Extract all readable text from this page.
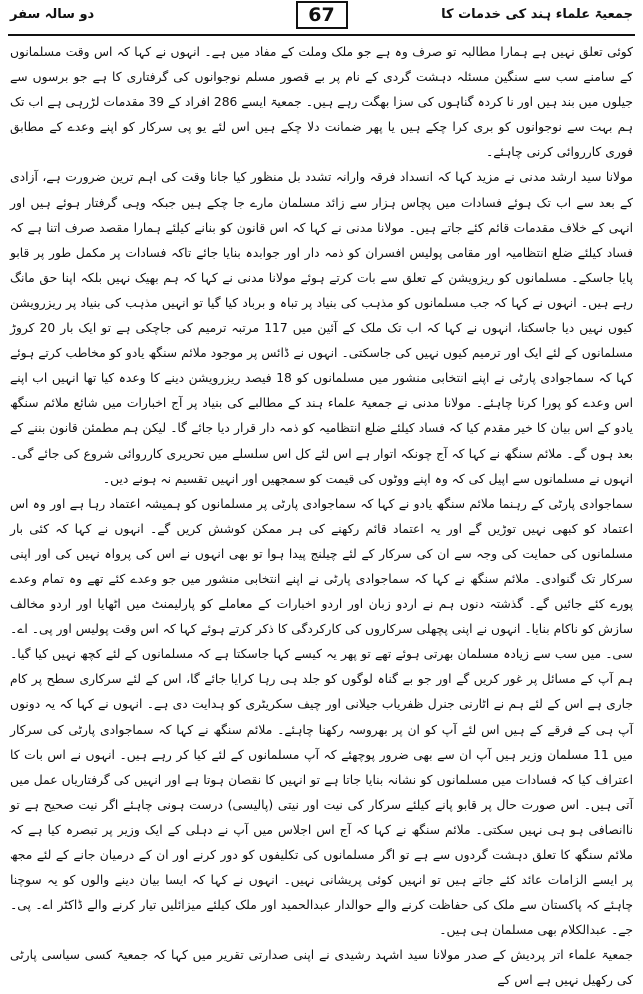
جمعیۃ علماء ہند کی خدمات کا
67
دو سالہ سفر

کوئی تعلق نہیں ہے ہمارا مطالبہ تو صرف وہ ہے جو ملک وملت کے مفاد میں ہے۔ انہوں نے کہا کہ اس وقت مسلمانوں کے سامنے سب سے سنگین مسئلہ دہشت گردی کے نام پر بے قصور مسلم نوجوانوں کی گرفتاری کا ہے جو برسوں سے جیلوں میں بند ہیں اور نا کردہ گناہوں کی سزا بھگت رہے ہیں۔ جمعیۃ ایسے 286 افراد کے 39 مقدمات لڑرہی ہے اب تک ہم بہت سے نوجوانوں کو بری کرا چکے ہیں یا پھر ضمانت دلا چکے ہیں اس لئے یو پی سرکار کو اپنے وعدے کے مطابق فوری کارروائی کرنی چاہئے۔

مولانا سید ارشد مدنی نے مزید کہا کہ انسداد فرقہ وارانہ تشدد بل منظور کیا جانا وقت کی اہم ترین ضرورت ہے، آزادی کے بعد سے اب تک ہوئے فسادات میں پچاس ہزار سے زائد مسلمان مارے جا چکے ہیں جبکہ وہی گرفتار ہوئے ہیں اور انہی کے خلاف مقدمات قائم کئے جاتے ہیں۔ مولانا مدنی نے کہا کہ اس قانون کو بنانے کیلئے ہمارا مقصد صرف اتنا ہے کہ فساد کیلئے ضلع انتظامیہ اور مقامی پولیس افسران کو ذمہ دار اور جوابدہ بنایا جائے تاکہ فسادات پر مکمل طور پر قابو پایا جاسکے۔ مسلمانوں کو ریزویشن کے تعلق سے بات کرتے ہوئے مولانا مدنی نے کہا کہ ہم بھیک نہیں بلکہ اپنا حق مانگ رہے ہیں۔ انہوں نے کہا کہ جب مسلمانوں کو مذہب کی بنیاد پر تباہ و برباد کیا گیا تو انہیں مذہب کی بنیاد پر ریزرویشن کیوں نہیں دیا جاسکتا، انہوں نے کہا کہ اب تک ملک کے آئین میں 117 مرتبہ ترمیم کی جاچکی ہے تو ایک بار 20 کروڑ مسلمانوں کے لئے ایک اور ترمیم کیوں نہیں کی جاسکتی۔ انہوں نے ڈائس پر موجود ملائم سنگھ یادو کو مخاطب کرتے ہوئے کہا کہ سماجوادی پارٹی نے اپنے انتخابی منشور میں مسلمانوں کو 18 فیصد ریزرویشن دینے کا وعدہ کیا تھا انہیں اب اپنے اس وعدے کو پورا کرنا چاہئے۔ مولانا مدنی نے جمعیۃ علماء ہند کے مطالبے کی بنیاد پر آج اخبارات میں شائع ملائم سنگھ یادو کے اس بیان کا خیر مقدم کیا کہ فساد کیلئے ضلع انتظامیہ کو ذمہ دار قرار دیا جائے گا۔ لیکن ہم مطمئن قانون بننے کے بعد ہوں گے۔ ملائم سنگھ نے کہا کہ آج چونکہ اتوار ہے اس لئے کل اس سلسلے میں تحریری کارروائی شروع کی جائے گی۔ انہوں نے مسلمانوں سے اپیل کی کہ وہ اپنے ووٹوں کی قیمت کو سمجھیں اور انہیں تقسیم نہ ہونے دیں۔

سماجوادی پارٹی کے رہنما ملائم سنگھ یادو نے کہا کہ سماجوادی پارٹی پر مسلمانوں کو ہمیشہ اعتماد رہا ہے اور وہ اس اعتماد کو کبھی نہیں توڑیں گے اور یہ اعتماد قائم رکھنے کی ہر ممکن کوشش کریں گے۔ انہوں نے کہا کہ کئی بار مسلمانوں کی حمایت کی وجہ سے ان کی سرکار کے لئے چیلنج پیدا ہوا تو بھی انہوں نے اس کی پرواہ نہیں کی اور اپنی سرکار تک گنوادی۔ ملائم سنگھ نے کہا کہ سماجوادی پارٹی نے اپنے انتخابی منشور میں جو وعدے کئے تھے وہ تمام وعدے پورے کئے جائیں گے۔ گذشتہ دنوں ہم نے اردو زبان اور اردو اخبارات کے معاملے کو پارلیمنٹ میں اٹھایا اور اردو مخالف سازش کو ناکام بنایا۔ انہوں نے اپنی پچھلی سرکاروں کی کارکردگی کا ذکر کرتے ہوئے کہا کہ اس وقت پولیس اور پی۔ اے۔ سی۔ میں سب سے زیادہ مسلمان بھرتی ہوئے تھے تو پھر یہ کیسے کہا جاسکتا ہے کہ مسلمانوں کے لئے کچھ نہیں کیا گیا۔ ہم آپ کے مسائل پر غور کریں گے اور جو بے گناہ لوگوں کو جلد ہی رہا کرایا جائے گا، اس کے لئے سرکاری سطح پر کام جاری ہے اس کے لئے ہم نے اٹارنی جنرل ظفریاب جیلانی اور چیف سکریٹری کو ہدایت دی ہے۔ انہوں نے کہا کہ یہ دونوں آپ ہی کے فرقے کے ہیں اس لئے آپ کو ان پر بھروسہ رکھنا چاہئے۔ ملائم سنگھ نے کہا کہ سماجوادی پارٹی کی سرکار میں 11 مسلمان وزیر ہیں آپ ان سے بھی ضرور پوچھئے کہ آپ مسلمانوں کے لئے کیا کر رہے ہیں۔ انہوں نے اس بات کا اعتراف کیا کہ فسادات میں مسلمانوں کو نشانہ بنایا جاتا ہے تو انہیں کا نقصان ہوتا ہے اور انہیں کی گرفتاریاں عمل میں آتی ہیں۔ اس صورت حال پر قابو پانے کیلئے سرکار کی نیت اور نیتی (پالیسی) درست ہونی چاہئے اگر نیت صحیح ہے تو ناانصافی ہو ہی نہیں سکتی۔ ملائم سنگھ نے کہا کہ آج اس اجلاس میں آپ نے دہلی کے ایک وزیر پر تبصرہ کیا ہے کہ ملائم سنگھ کا تعلق دہشت گردوں سے ہے تو اگر مسلمانوں کی تکلیفوں کو دور کرنے اور ان کے درمیان جانے کے لئے مجھ پر ایسے الزامات عائد کئے جاتے ہیں تو انہیں کوئی پریشانی نہیں۔ انہوں نے کہا کہ ایسا بیان دینے والوں کو یہ سوچنا چاہئے کہ پاکستان سے ملک کی حفاظت کرنے والے حوالدار عبدالحمید اور ملک کیلئے میزائلیں تیار کرنے والے ڈاکٹر اے۔ پی۔ جے۔ عبدالکلام بھی مسلمان ہی ہیں۔

جمعیۃ علماء اتر پردیش کے صدر مولانا سید اشہد رشیدی نے اپنی صدارتی تقریر میں کہا کہ جمعیۃ کسی سیاسی پارٹی کی رکھیل نہیں ہے اس کے
